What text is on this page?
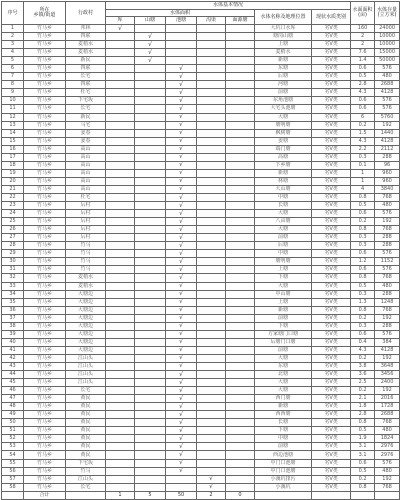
序号	所在
乡镇/街道	行政村	水体基本情况							水面面积(亩)	水体存量(立方米)
			水体面积					水体名称及地理位置	现状水质类别		
			库	山塘	池塘	沟渠	面源塘				
1	竹马乡	邦林	√					大坑口水库	劣V类	160	24000
2	竹马乡	四联		√				塘岗山塘	劣V类	2	10000
3	竹马乡	麦梢水		√				上塘	劣V类	2	10000
4	竹马乡	麦梢水		√				麦梢水	劣V类	7.6	15000
5	竹马乡	新民		√				新塘	劣V类	1.4	50000
6	竹马乡	四联			√			东塘	劣V类	0.6	576
7	竹马乡	长宅			√			后塘	劣V类	0.5	480
8	竹马乡	四联			√			河塘	劣V类	2.8	2688
9	竹马乡	杜宅			√			前塘	劣V类	4.3	4128
10	竹马乡	下宅坂			√			东角池塘	劣V类	0.6	576
11	竹马乡	长宅			√			大宅头池塘	劣V类	0.6	576
12	竹马乡	新民			√			大塘	劣V类	6	5760
13	竹马乡	马宅			√			塘明塘	劣V类	0.2	192
14	竹马乡	姜春			√			枫树塘	劣V类	1.5	1440
15	竹马乡	姜春			√			姜塘	劣V类	4.3	4128
16	竹马乡	高山			√			端门塘	劣V类	2.2	2112
17	竹马乡	高山			√			高塘	劣V类	0.3	288
18	竹马乡	高山			√			下乡塘	劣V类	0.1	96
19	竹马乡	高山			√			新塘	劣V类	1	960
20	竹马乡	高山			√			林塘	劣V类	1	960
21	竹马乡	高山			√			大山塘	劣V类	4	3840
22	竹马乡	杜宅			√			中塘	劣V类	0.8	768
23	竹马乡	后村			√			长塘	劣V类	0.5	480
24	竹马乡	后村			√			大塘	劣V类	0.6	576
25	竹马乡	后村			√			八亩塘	劣V类	0.2	192
26	竹马乡	后村			√			大塘	劣V类	0.8	768
27	竹马乡	后村			√			前塘	劣V类	0.3	288
28	竹马乡	竹马			√			后塘	劣V类	0.3	288
29	竹马乡	竹马			√			中塘	劣V类	0.6	576
30	竹马乡	竹马			√			塘明塘	劣V类	1.2	1152
31	竹马乡	竹马			√			上塘	劣V类	0.6	576
32	竹马乡	麦梢水			√			下塘	劣V类	0.8	768
33	竹马乡	麦梢水			√			大塘	劣V类	0.5	480
34	竹马乡	大塘边			√			中山塘	劣V类	0.3	288
35	竹马乡	大塘边			√			上塘	劣V类	1.3	1248
36	竹马乡	大塘边			√			新塘	劣V类	0.8	768
37	竹马乡	大塘边			√			前塘	劣V类	0.2	192
38	竹马乡	大塘边			√			下塘	劣V类	0.3	288
39	竹马乡	大塘边			√			方家塘门口塘	劣V类	0.6	576
40	竹马乡	大塘边			√			后塘门口塘	劣V类	0.4	384
41	竹马乡	大塘边			√			前塘	劣V类	4.3	4128
42	竹马乡	江山头			√			大塘	劣V类	0.2	192
43	竹马乡	江山头			√			东塘	劣V类	3.8	3648
44	竹马乡	江山头			√			北塘	劣V类	3.6	3456
45	竹马乡	江山头			√			大塘	劣V类	2.5	2400
46	竹马乡	长宅			√			大塘	劣V类	0.2	192
47	竹马乡	黄民			√			西门塘	劣V类	2.1	2016
48	竹马乡	黄民			√			新塘	劣V类	1.8	1728
49	竹马乡	黄民			√			西西塘	劣V类	2.8	2688
50	竹马乡	黄民			√			长塘	劣V类	0.8	768
51	竹马乡	黄民			√			下塘	劣V类	0.5	480
52	竹马乡	黄民			√			中塘	劣V类	1.9	1824
53	竹马乡	黄民			√			前塘	劣V类	3.1	2976
54	竹马乡	黄民			√			西边池塘	劣V类	3.1	2976
55	竹马乡	下宅坂			√			中门口池塘	劣V类	0.6	576
56	竹马乡	竹马			√			中门口池塘	劣V类	0.5	480
57	竹马乡	江山头				√		小溪坑排污	劣V类	0.2	192
58	竹马乡	长宅				√		小溪坑	劣V类	0.8	768
	合计		1	5	50	2	0				
